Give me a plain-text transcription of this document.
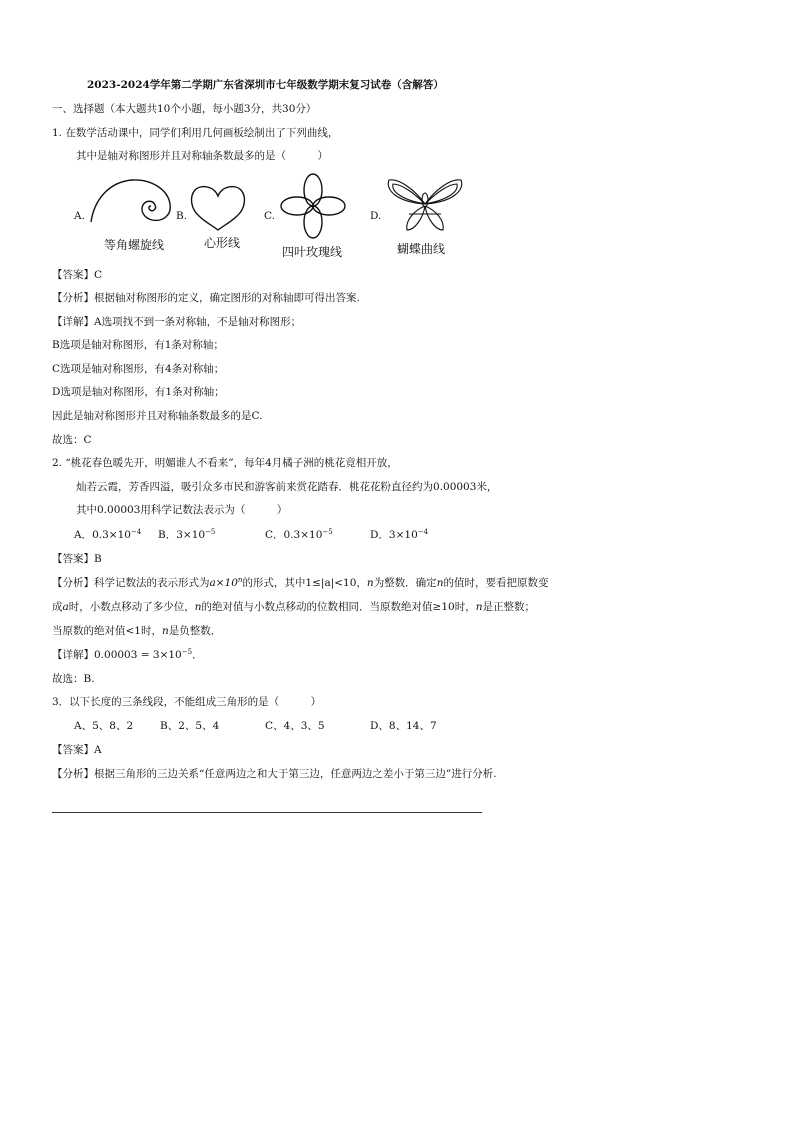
2023-2024学年第二学期广东省深圳市七年级数学期末复习试卷（含解答）
一、选择题（本大题共10个小题，每小题3分，共30分）
1. 在数学活动课中，同学们利用几何画板绘制出了下列曲线，
其中是轴对称图形并且对称轴条数最多的是（　　　）
A.
等角螺旋线
B.
心形线
C.
四叶玫瑰线
D.
蝴蝶曲线
【答案】C
【分析】根据轴对称图形的定义，确定图形的对称轴即可得出答案.
【详解】A选项找不到一条对称轴，不是轴对称图形；
B选项是轴对称图形，有1条对称轴；
C选项是轴对称图形，有4条对称轴；
D选项是轴对称图形，有1条对称轴；
因此是轴对称图形并且对称轴条数最多的是C.
故选：C
2. “桃花春色暖先开，明媚谁人不看来”，每年4月橘子洲的桃花竟相开放，
灿若云霞，芳香四溢，吸引众多市民和游客前来赏花踏春．桃花花粉直径约为0.00003米，
其中0.00003用科学记数法表示为（　　　）
A．$0.3\times 10^{-4}$ B．$3\times 10^{-5}$	C．$0.3\times 10^{-5}$	D．$3\times 10^{-4}$
【答案】B
【分析】科学记数法的表示形式为$a\times 10^n$的形式，其中1≤|a|<10，n为整数．确定n的值时，要看把原数变
成a时，小数点移动了多少位，n的绝对值与小数点移动的位数相同．当原数绝对值≥10时，n是正整数；
当原数的绝对值<1时，n是负整数．
【详解】$0.00003 = 3\times 10^{-5}$．
故选：B.
3．以下长度的三条线段，不能组成三角形的是（　　　）
A、5、8、2	B、2、5、4	C、4、3、5	D、8、14、7
【答案】A
【分析】根据三角形的三边关系“任意两边之和大于第三边，任意两边之差小于第三边”进行分析.
